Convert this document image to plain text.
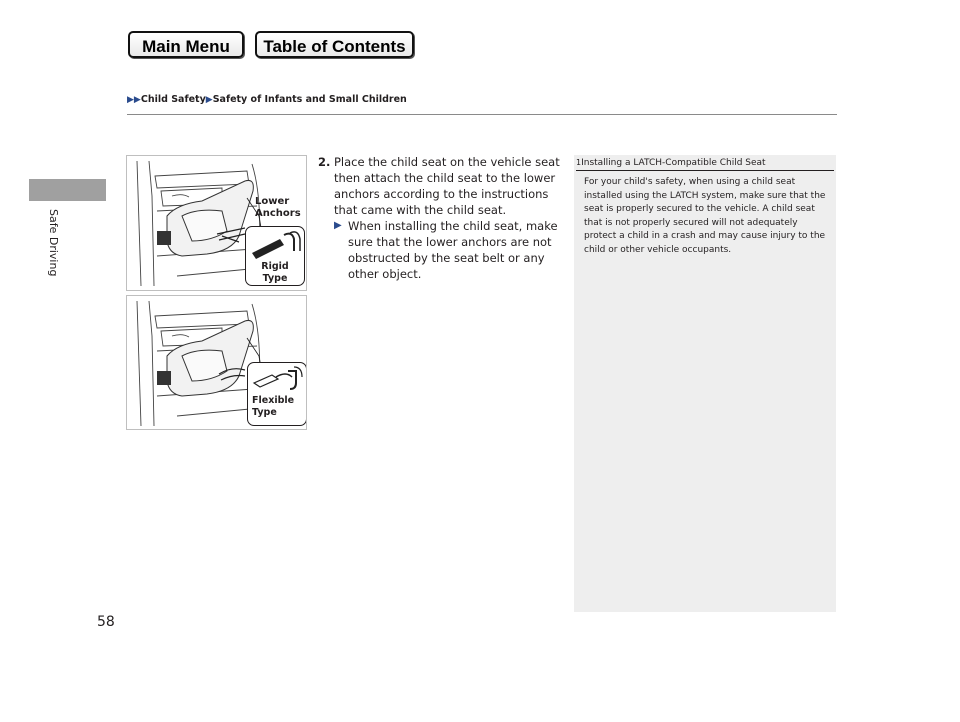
Main Menu	Table of Contents
▶▶Child Safety▶Safety of Infants and Small Children
Safe Driving
58
Lower Anchors
Rigid Type
Flexible Type
2. Place the child seat on the vehicle seat then attach the child seat to the lower anchors according to the instructions that came with the child seat.
▶ When installing the child seat, make sure that the lower anchors are not obstructed by the seat belt or any other object.
1Installing a LATCH-Compatible Child Seat
For your child's safety, when using a child seat installed using the LATCH system, make sure that the seat is properly secured to the vehicle. A child seat that is not properly secured will not adequately protect a child in a crash and may cause injury to the child or other vehicle occupants.
